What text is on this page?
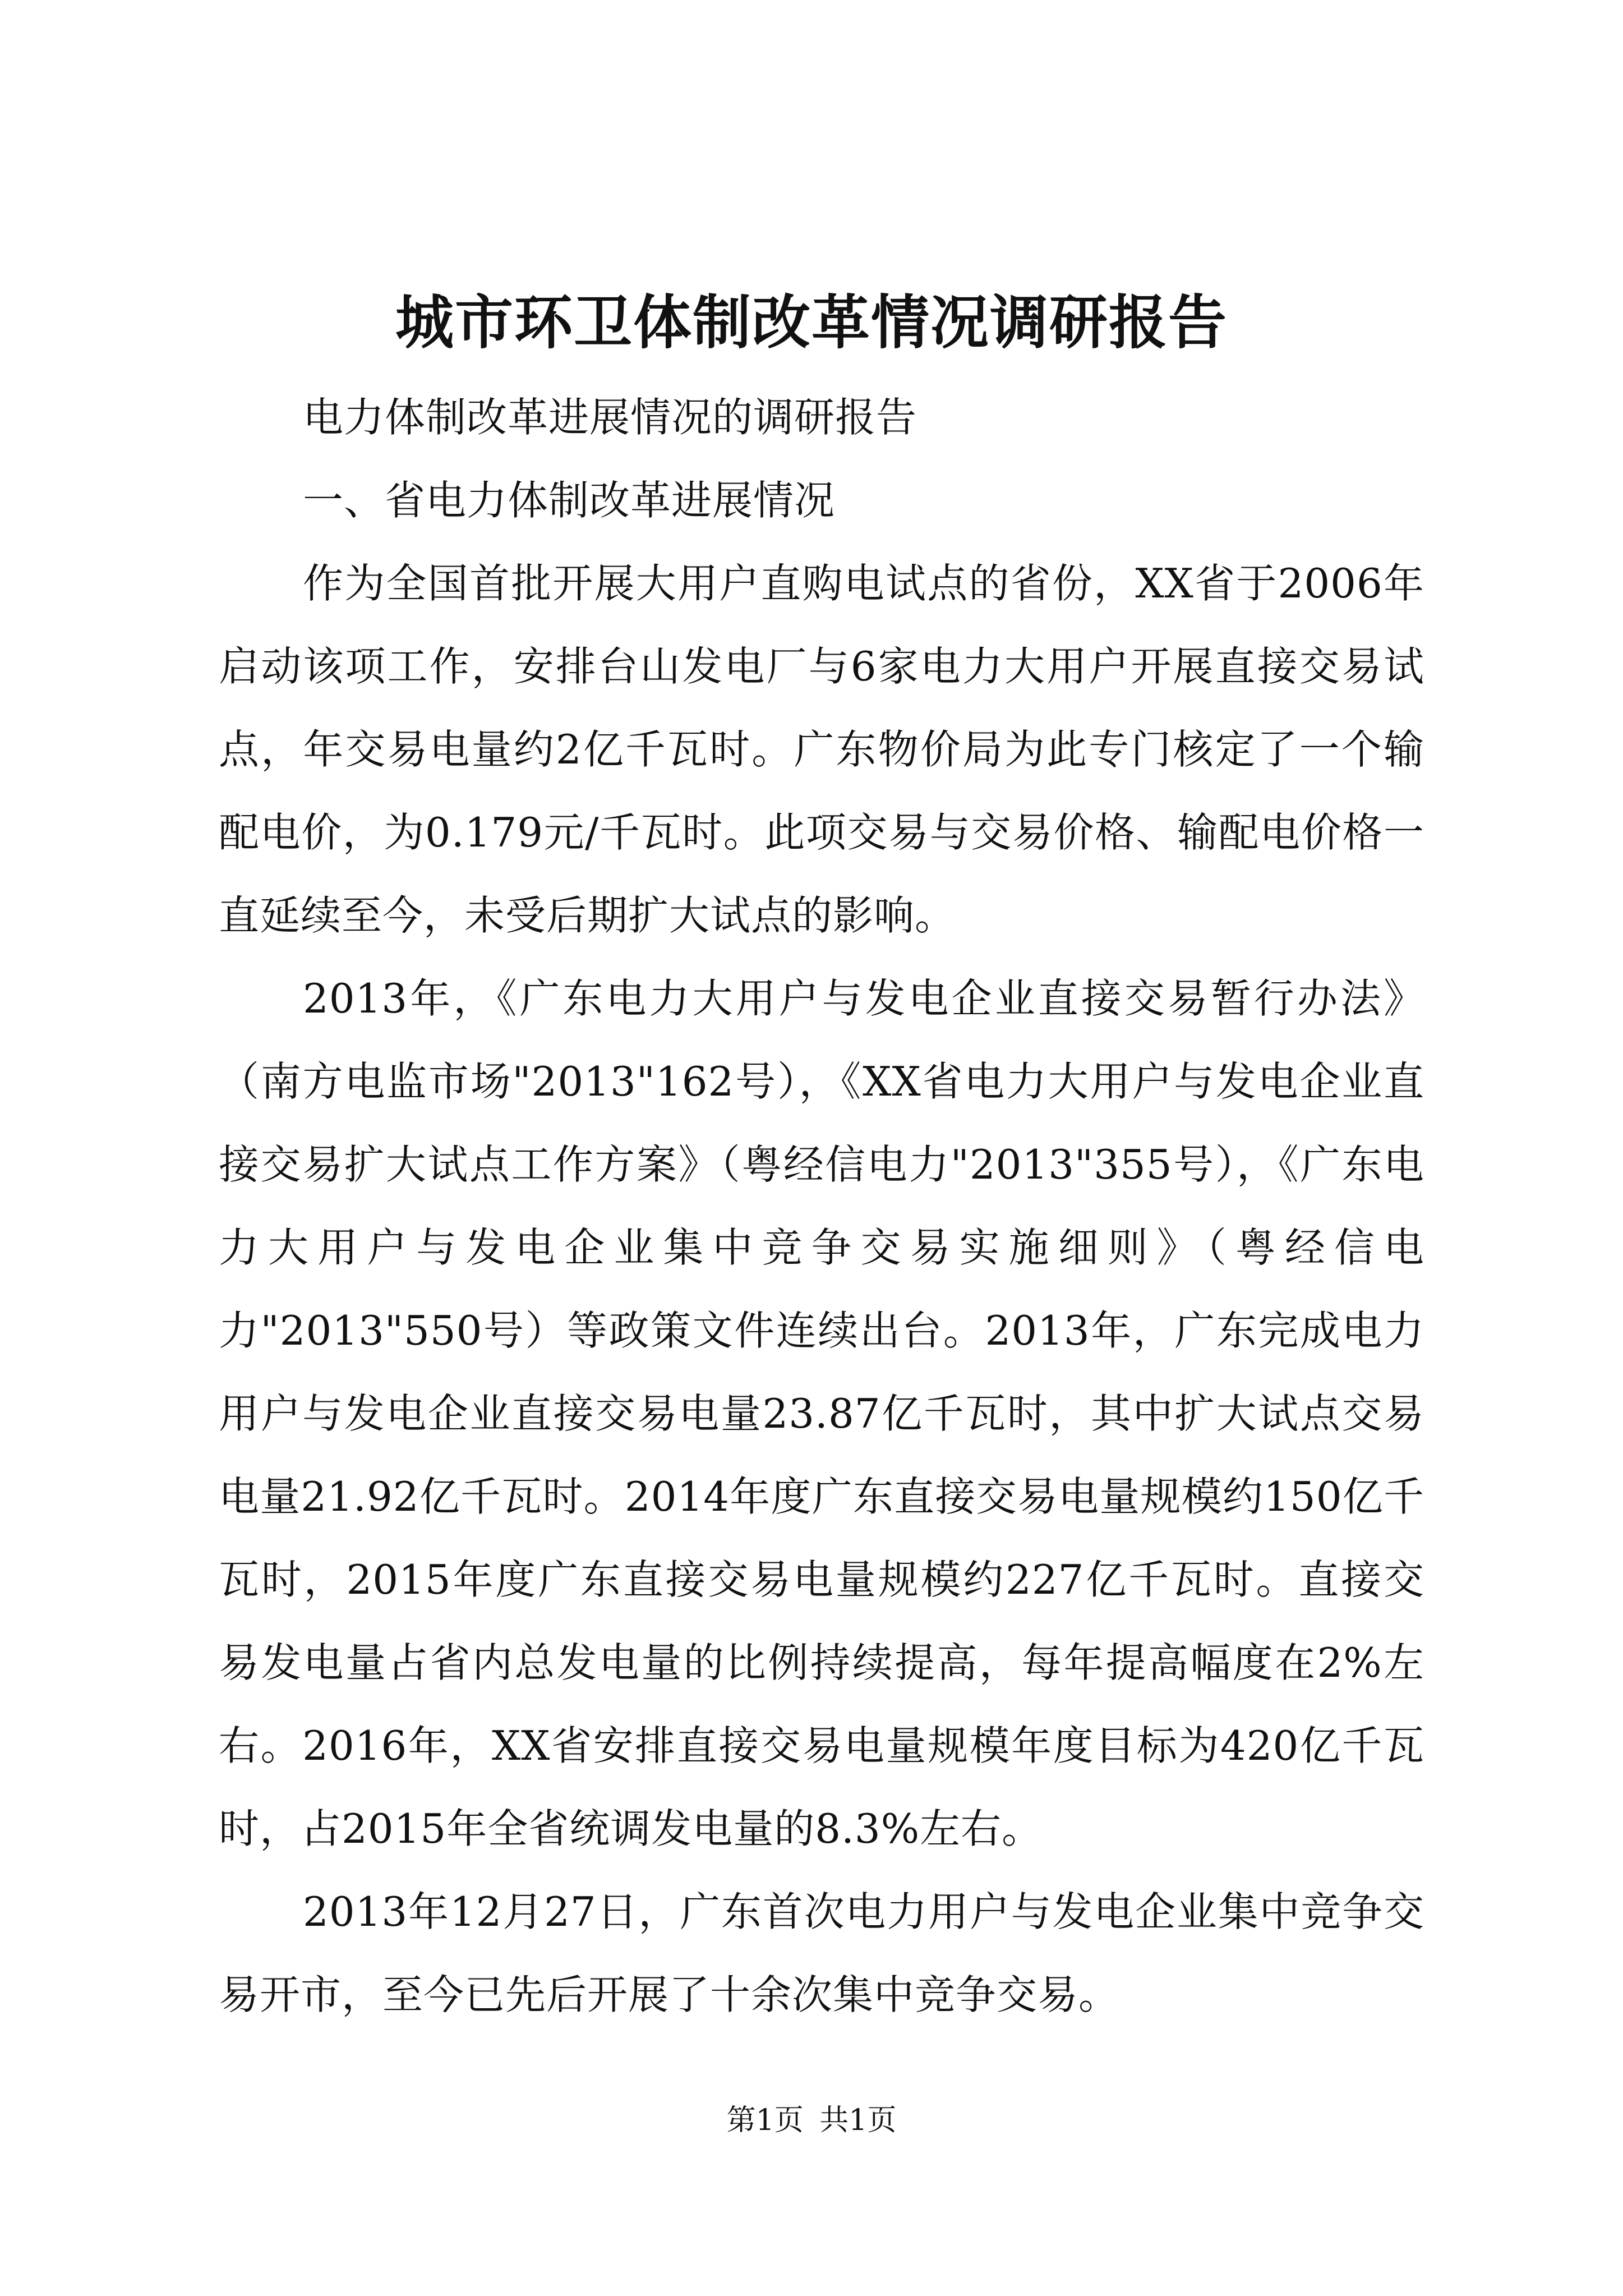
城市环卫体制改革情况调研报告

电力体制改革进展情况的调研报告

一、省电力体制改革进展情况

作为全国首批开展大用户直购电试点的省份，XX省于2006年启动该项工作，安排台山发电厂与6家电力大用户开展直接交易试点，年交易电量约2亿千瓦时。广东物价局为此专门核定了一个输配电价，为0.179元/千瓦时。此项交易与交易价格、输配电价格一直延续至今，未受后期扩大试点的影响。

2013年，《广东电力大用户与发电企业直接交易暂行办法》（南方电监市场"2013"162号），《XX省电力大用户与发电企业直接交易扩大试点工作方案》（粤经信电力"2013"355号），《广东电力大用户与发电企业集中竞争交易实施细则》（粤经信电力"2013"550号）等政策文件连续出台。2013年，广东完成电力用户与发电企业直接交易电量23.87亿千瓦时，其中扩大试点交易电量21.92亿千瓦时。2014年度广东直接交易电量规模约150亿千瓦时，2015年度广东直接交易电量规模约227亿千瓦时。直接交易发电量占省内总发电量的比例持续提高，每年提高幅度在2%左右。2016年，XX省安排直接交易电量规模年度目标为420亿千瓦时，占2015年全省统调发电量的8.3%左右。

2013年12月27日，广东首次电力用户与发电企业集中竞争交易开市，至今已先后开展了十余次集中竞争交易。

第1页 共1页
